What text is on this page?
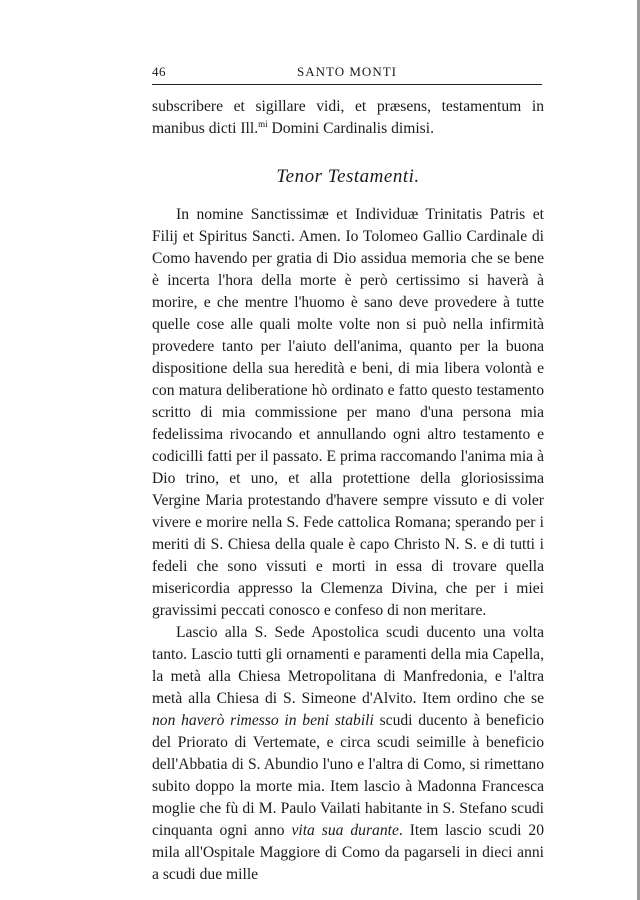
46	SANTO MONTI

subscribere et sigillare vidi, et præsens, testamentum in manibus dicti Ill.$^{mi}$ Domini Cardinalis dimisi.

Tenor Testamenti.

In nomine Sanctissimæ et Individuæ Trinitatis Patris et Filij et Spiritus Sancti. Amen. Io Tolomeo Gallio Cardinale di Como havendo per gratia di Dio assidua memoria che se bene è incerta l'hora della morte è però certissimo si haverà à morire, e che mentre l'huomo è sano deve provedere à tutte quelle cose alle quali molte volte non si può nella infirmità provedere tanto per l'aiuto dell'anima, quanto per la buona dispositione della sua heredità e beni, di mia libera volontà e con matura deliberatione hò ordinato e fatto questo testamento scritto di mia commissione per mano d'una persona mia fedelissima rivocando et annullando ogni altro testamento e codicilli fatti per il passato. E prima raccomando l'anima mia à Dio trino, et uno, et alla protettione della gloriosissima Vergine Maria protestando d'havere sempre vissuto e di voler vivere e morire nella S. Fede cattolica Romana; sperando per i meriti di S. Chiesa della quale è capo Christo N. S. e di tutti i fedeli che sono vissuti e morti in essa di trovare quella misericordia appresso la Clemenza Divina, che per i miei gravissimi peccati conosco e confeso di non meritare.

Lascio alla S. Sede Apostolica scudi ducento una volta tanto. Lascio tutti gli ornamenti e paramenti della mia Capella, la metà alla Chiesa Metropolitana di Manfredonia, e l'altra metà alla Chiesa di S. Simeone d'Alvito. Item ordino che se non haverò rimesso in beni stabili scudi ducento à beneficio del Priorato di Vertemate, e circa scudi seimille à beneficio dell'Abbatia di S. Abundio l'uno e l'altra di Como, si rimettano subito doppo la morte mia. Item lascio à Madonna Francesca moglie che fù di M. Paulo Vailati habitante in S. Stefano scudi cinquanta ogni anno vita sua durante. Item lascio scudi 20 mila all'Ospitale Maggiore di Como da pagarseli in dieci anni a scudi due mille
